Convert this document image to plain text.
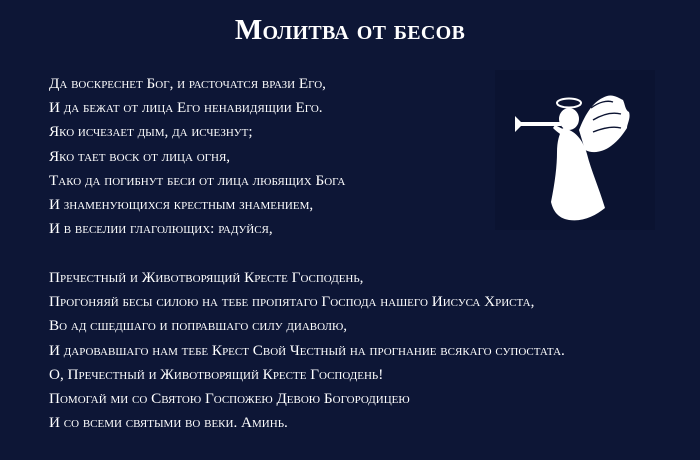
Молитва от бесов
Да воскреснет Бог, и расточатся врази Его,
И да бежат от лица Его ненавидящии Его.
Яко исчезает дым, да исчезнут;
Яко тает воск от лица огня,
Тако да погибнут беси от лица любящих Бога
И знаменующихся крестным знамением,
И в веселии глаголющих: радуйся,
Пречестный и Животворящий Кресте Господень,
Прогоняяй бесы силою на тебе пропятаго Господа нашего Иисуса Христа,
Во ад сшедшаго и поправшаго силу диаволю,
И даровавшаго нам тебе Крест Свой Честный на прогнание всякаго супостата.
О, Пречестный и Животворящий Кресте Господень!
Помогай ми со Святою Госпожею Девою Богородицею
И со всеми святыми во веки. Аминь.
